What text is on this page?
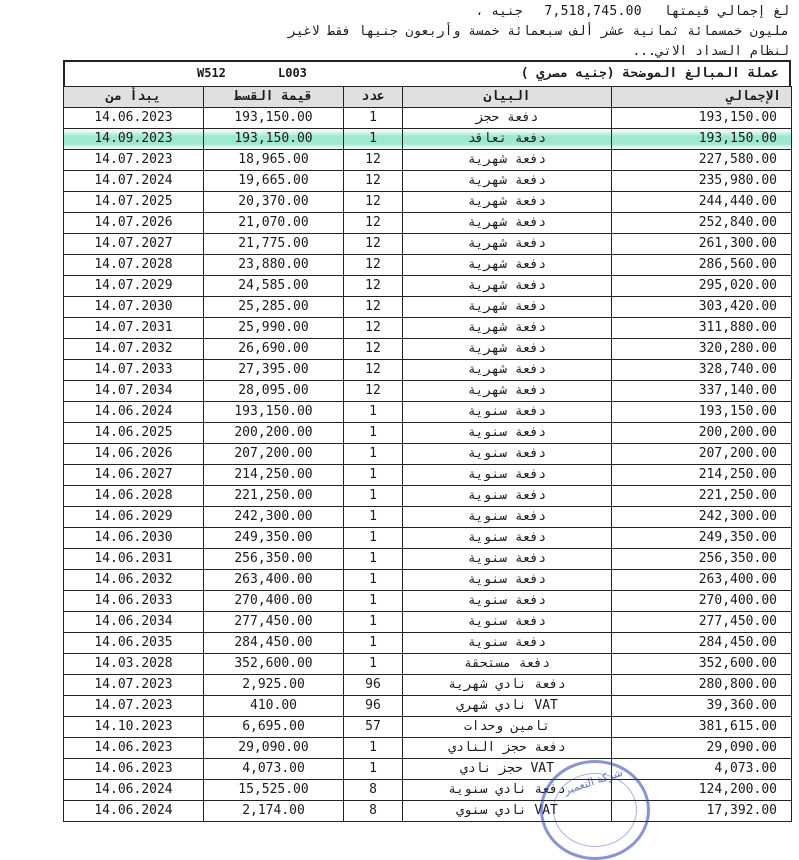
لغ إجمالي قيمتها 7,518,745.00 جنيه ،
مليون خمسمائة ثمانية عشر ألف سبعمائة خمسة وأربعون جنيها فقط لاغير
لنظام السداد الاتي...
W512	L003	عملة المبالغ الموضحة (جنيه مصري )
يبدأ من	قيمة القسط	عدد	البيان	الإجمالي

14.06.2023	193,150.00	1	دفعة حجز	193,150.00
14.09.2023	193,150.00	1	دفعة تعاقد	193,150.00
14.07.2023	18,965.00	12	دفعة شهرية	227,580.00
14.07.2024	19,665.00	12	دفعة شهرية	235,980.00
14.07.2025	20,370.00	12	دفعة شهرية	244,440.00
14.07.2026	21,070.00	12	دفعة شهرية	252,840.00
14.07.2027	21,775.00	12	دفعة شهرية	261,300.00
14.07.2028	23,880.00	12	دفعة شهرية	286,560.00
14.07.2029	24,585.00	12	دفعة شهرية	295,020.00
14.07.2030	25,285.00	12	دفعة شهرية	303,420.00
14.07.2031	25,990.00	12	دفعة شهرية	311,880.00
14.07.2032	26,690.00	12	دفعة شهرية	320,280.00
14.07.2033	27,395.00	12	دفعة شهرية	328,740.00
14.07.2034	28,095.00	12	دفعة شهرية	337,140.00
14.06.2024	193,150.00	1	دفعة سنوية	193,150.00
14.06.2025	200,200.00	1	دفعة سنوية	200,200.00
14.06.2026	207,200.00	1	دفعة سنوية	207,200.00
14.06.2027	214,250.00	1	دفعة سنوية	214,250.00
14.06.2028	221,250.00	1	دفعة سنوية	221,250.00
14.06.2029	242,300.00	1	دفعة سنوية	242,300.00
14.06.2030	249,350.00	1	دفعة سنوية	249,350.00
14.06.2031	256,350.00	1	دفعة سنوية	256,350.00
14.06.2032	263,400.00	1	دفعة سنوية	263,400.00
14.06.2033	270,400.00	1	دفعة سنوية	270,400.00
14.06.2034	277,450.00	1	دفعة سنوية	277,450.00
14.06.2035	284,450.00	1	دفعة سنوية	284,450.00
14.03.2028	352,600.00	1	دفعة مستحقة	352,600.00
14.07.2023	2,925.00	96	دفعة نادي شهرية	280,800.00
14.07.2023	410.00	96	VAT نادي شهري	39,360.00
14.10.2023	6,695.00	57	تامين وحدات	381,615.00
14.06.2023	29,090.00	1	دفعة حجز النادي	29,090.00
14.06.2023	4,073.00	1	VAT حجز نادي	4,073.00
14.06.2024	15,525.00	8	دفعة نادي سنوية	124,200.00
14.06.2024	2,174.00	8	VAT نادي سنوي	17,392.00
شركة التعمير
